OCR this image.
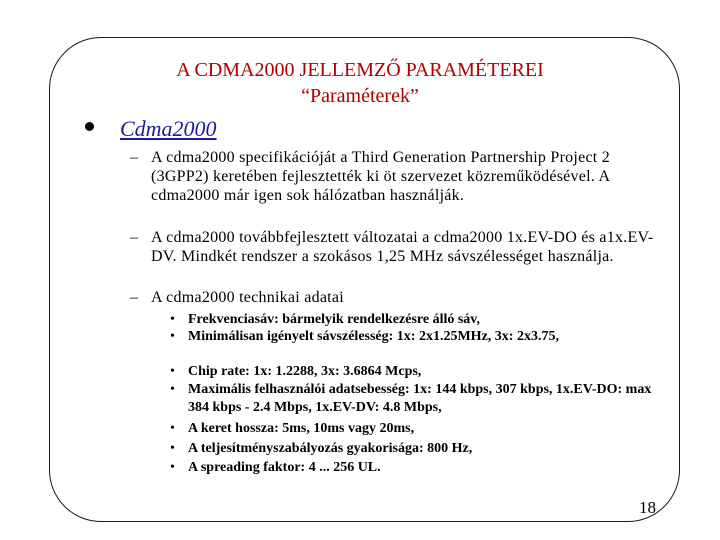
A CDMA2000 JELLEMZŐ PARAMÉTEREI
“Paraméterek”
Cdma2000
– A cdma2000 specifikációját a Third Generation Partnership Project 2 (3GPP2) keretében fejlesztették ki öt szervezet közreműködésével. A cdma2000 már igen sok hálózatban használják.
– A cdma2000 továbbfejlesztett változatai a cdma2000 1x.EV-DO és a1x.EV-DV. Mindkét rendszer a szokásos 1,25 MHz sávszélességet használja.
– A cdma2000 technikai adatai
• Frekvenciasáv: bármelyik rendelkezésre álló sáv,
• Minimálisan igényelt sávszélesség: 1x: 2x1.25MHz, 3x: 2x3.75,
• Chip rate: 1x: 1.2288, 3x: 3.6864 Mcps,
• Maximális felhasználói adatsebesség: 1x: 144 kbps, 307 kbps, 1x.EV-DO: max 384 kbps - 2.4 Mbps, 1x.EV-DV: 4.8 Mbps,
• A keret hossza: 5ms, 10ms vagy 20ms,
• A teljesítményszabályozás gyakorisága: 800 Hz,
• A spreading faktor: 4 ... 256 UL.
18
